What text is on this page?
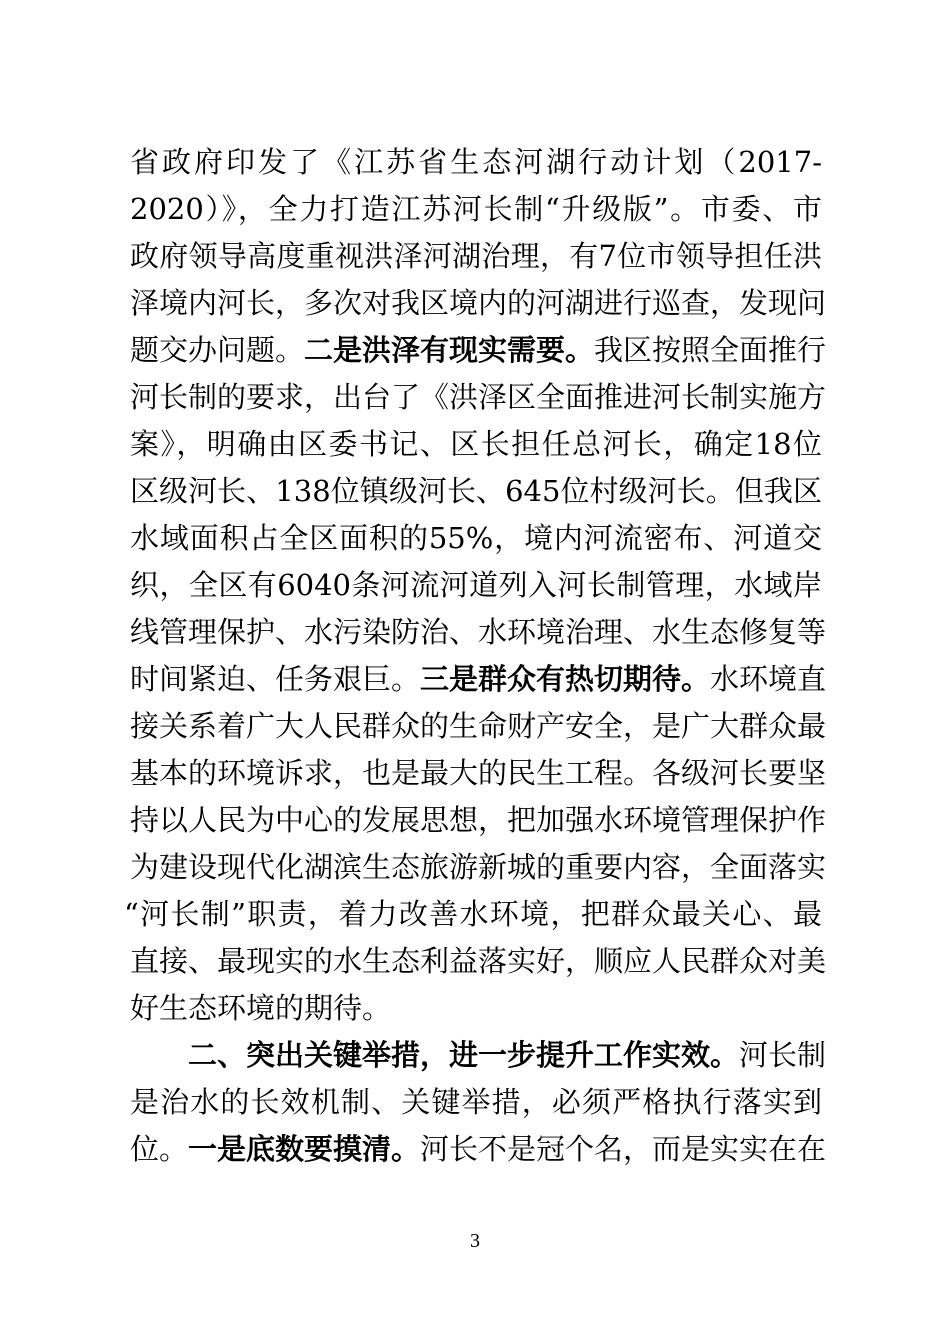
省政府印发了《江苏省生态河湖行动计划（2017-
2020）》，全力打造江苏河长制“升级版”。市委、市
政府领导高度重视洪泽河湖治理，有7位市领导担任洪
泽境内河长，多次对我区境内的河湖进行巡查，发现问
题交办问题。二是洪泽有现实需要。我区按照全面推行
河长制的要求，出台了《洪泽区全面推进河长制实施方
案》，明确由区委书记、区长担任总河长，确定18位
区级河长、138位镇级河长、645位村级河长。但我区
水域面积占全区面积的55%，境内河流密布、河道交
织，全区有6040条河流河道列入河长制管理，水域岸
线管理保护、水污染防治、水环境治理、水生态修复等
时间紧迫、任务艰巨。三是群众有热切期待。水环境直
接关系着广大人民群众的生命财产安全，是广大群众最
基本的环境诉求，也是最大的民生工程。各级河长要坚
持以人民为中心的发展思想，把加强水环境管理保护作
为建设现代化湖滨生态旅游新城的重要内容，全面落实
“河长制”职责，着力改善水环境，把群众最关心、最
直接、最现实的水生态利益落实好，顺应人民群众对美
好生态环境的期待。
二、突出关键举措，进一步提升工作实效。河长制
是治水的长效机制、关键举措，必须严格执行落实到
位。一是底数要摸清。河长不是冠个名，而是实实在在
3
